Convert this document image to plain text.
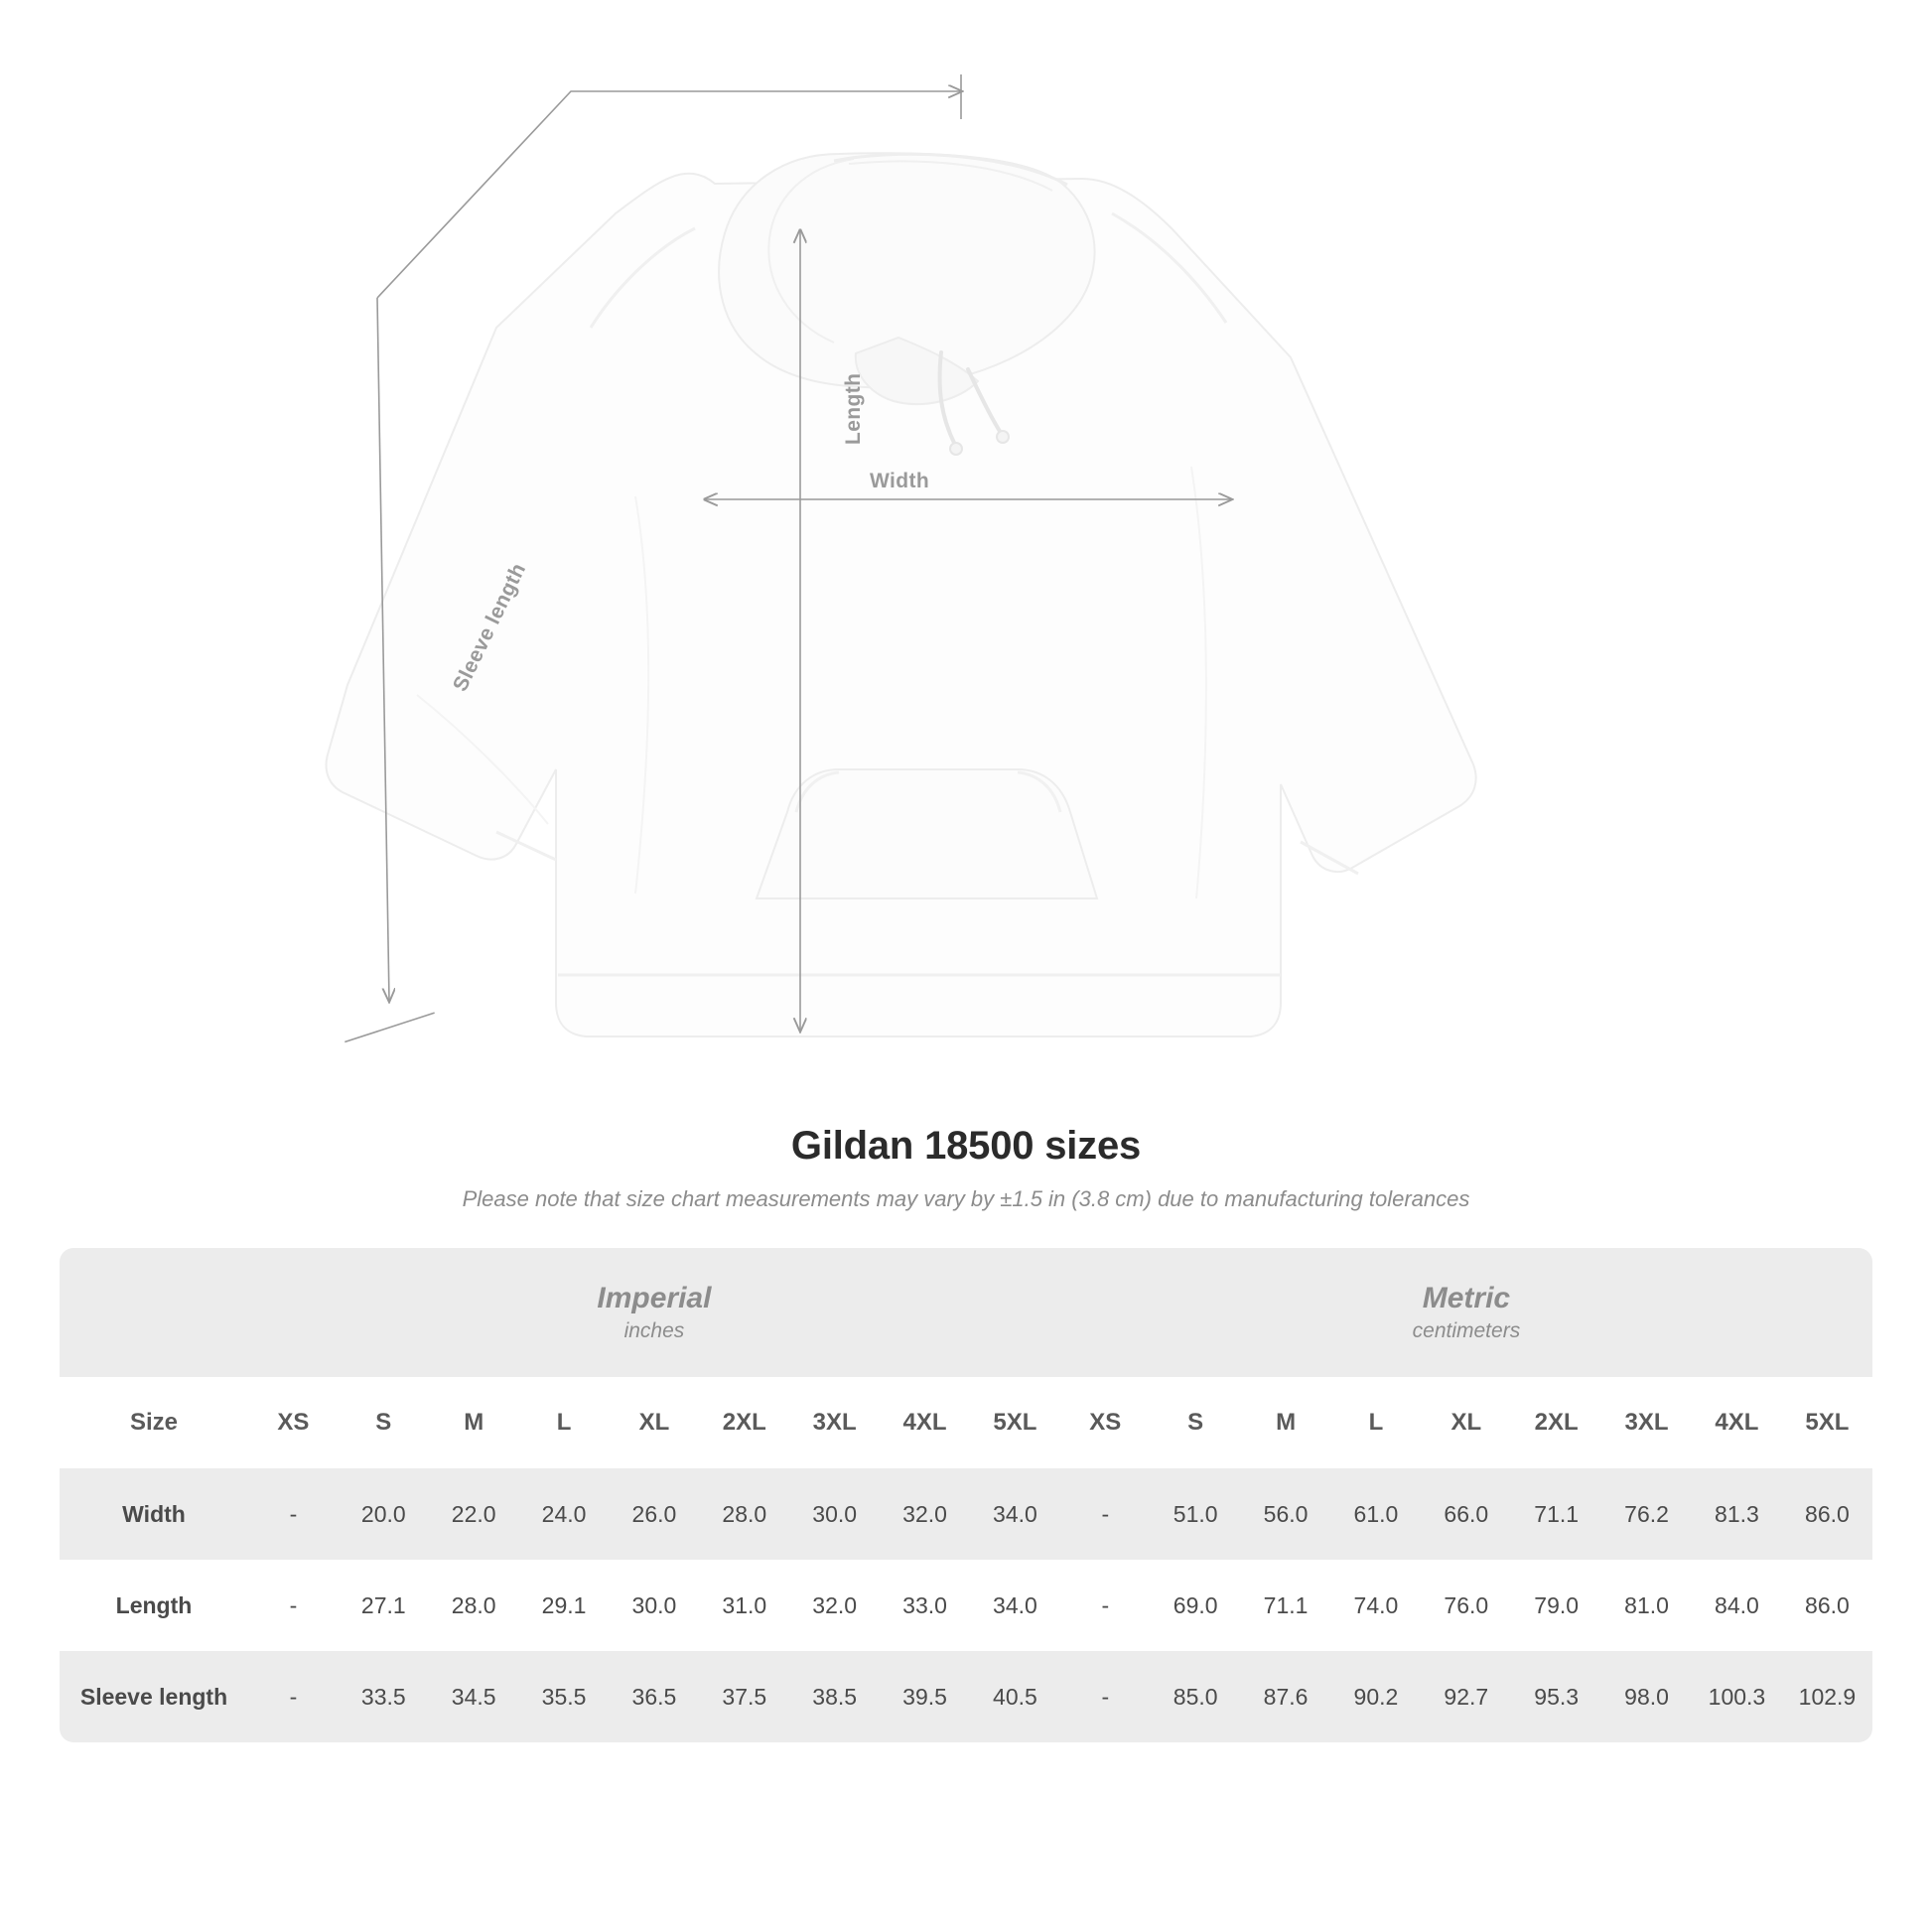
Length
Width
Sleeve length
Gildan 18500 sizes

Please note that size chart measurements may vary by ±1.5 in (3.8 cm) due to manufacturing tolerances

	Imperial
inches									Metric
centimeters								

Size	XS	S	M	L	XL	2XL	3XL	4XL	5XL	XS	S	M	L	XL	2XL	3XL	4XL	5XL
Width	-	20.0	22.0	24.0	26.0	28.0	30.0	32.0	34.0	-	51.0	56.0	61.0	66.0	71.1	76.2	81.3	86.0
Length	-	27.1	28.0	29.1	30.0	31.0	32.0	33.0	34.0	-	69.0	71.1	74.0	76.0	79.0	81.0	84.0	86.0
Sleeve length	-	33.5	34.5	35.5	36.5	37.5	38.5	39.5	40.5	-	85.0	87.6	90.2	92.7	95.3	98.0	100.3	102.9
